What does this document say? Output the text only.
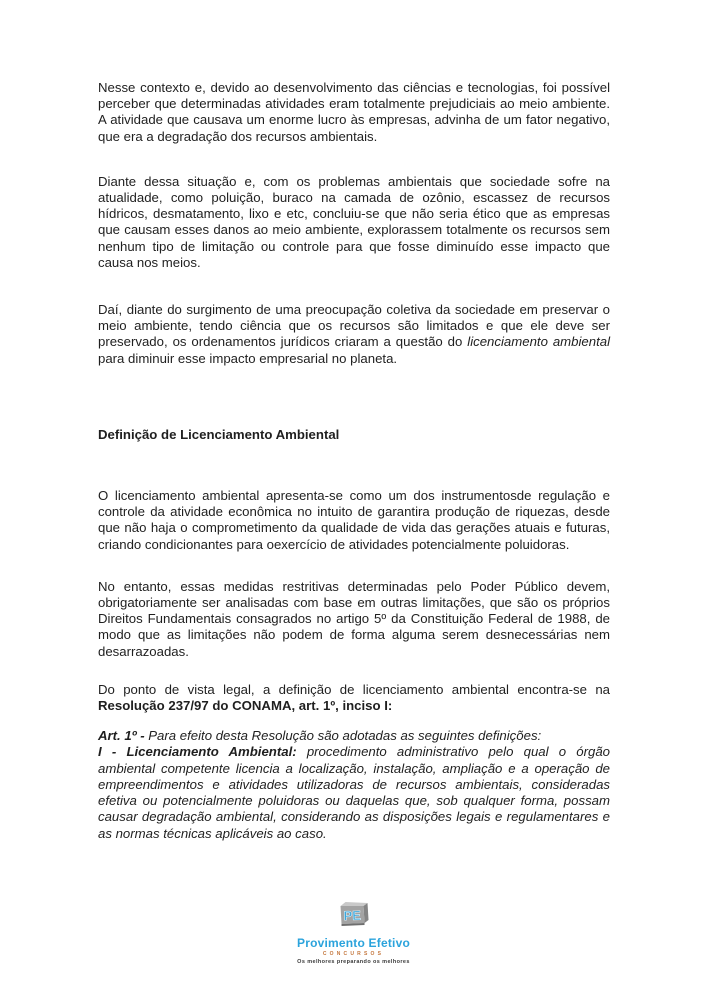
Nesse contexto e, devido ao desenvolvimento das ciências e tecnologias, foi possível perceber que determinadas atividades eram totalmente prejudiciais ao meio ambiente. A atividade que causava um enorme lucro às empresas, advinha de um fator negativo, que era a degradação dos recursos ambientais.

Diante dessa situação e, com os problemas ambientais que sociedade sofre na atualidade, como poluição, buraco na camada de ozônio, escassez de recursos hídricos, desmatamento, lixo e etc, concluiu-se que não seria ético que as empresas que causam esses danos ao meio ambiente, explorassem totalmente os recursos sem nenhum tipo de limitação ou controle para que fosse diminuído esse impacto que causa nos meios.

Daí, diante do surgimento de uma preocupação coletiva da sociedade em preservar o meio ambiente, tendo ciência que os recursos são limitados e que ele deve ser preservado, os ordenamentos jurídicos criaram a questão do licenciamento ambiental para diminuir esse impacto empresarial no planeta.

Definição de Licenciamento Ambiental

O licenciamento ambiental apresenta-se como um dos instrumentosde regulação e controle da atividade econômica no intuito de garantira produção de riquezas, desde que não haja o comprometimento da qualidade de vida das gerações atuais e futuras, criando condicionantes para oexercício de atividades potencialmente poluidoras.

No entanto, essas medidas restritivas determinadas pelo Poder Público devem, obrigatoriamente ser analisadas com base em outras limitações, que são os próprios Direitos Fundamentais consagrados no artigo 5º da Constituição Federal de 1988, de modo que as limitações não podem de forma alguma serem desnecessárias nem desarrazoadas.

Do ponto de vista legal, a definição de licenciamento ambiental encontra-se na Resolução 237/97 do CONAMA, art. 1º, inciso I:

Art. 1º - Para efeito desta Resolução são adotadas as seguintes definições:
I - Licenciamento Ambiental: procedimento administrativo pelo qual o órgão ambiental competente licencia a localização, instalação, ampliação e a operação de empreendimentos e atividades utilizadoras de recursos ambientais, consideradas efetiva ou potencialmente poluidoras ou daquelas que, sob qualquer forma, possam causar degradação ambiental, considerando as disposições legais e regulamentares e as normas técnicas aplicáveis ao caso.

PE
Provimento Efetivo
CONCURSOS
Os melhores preparando os melhores
